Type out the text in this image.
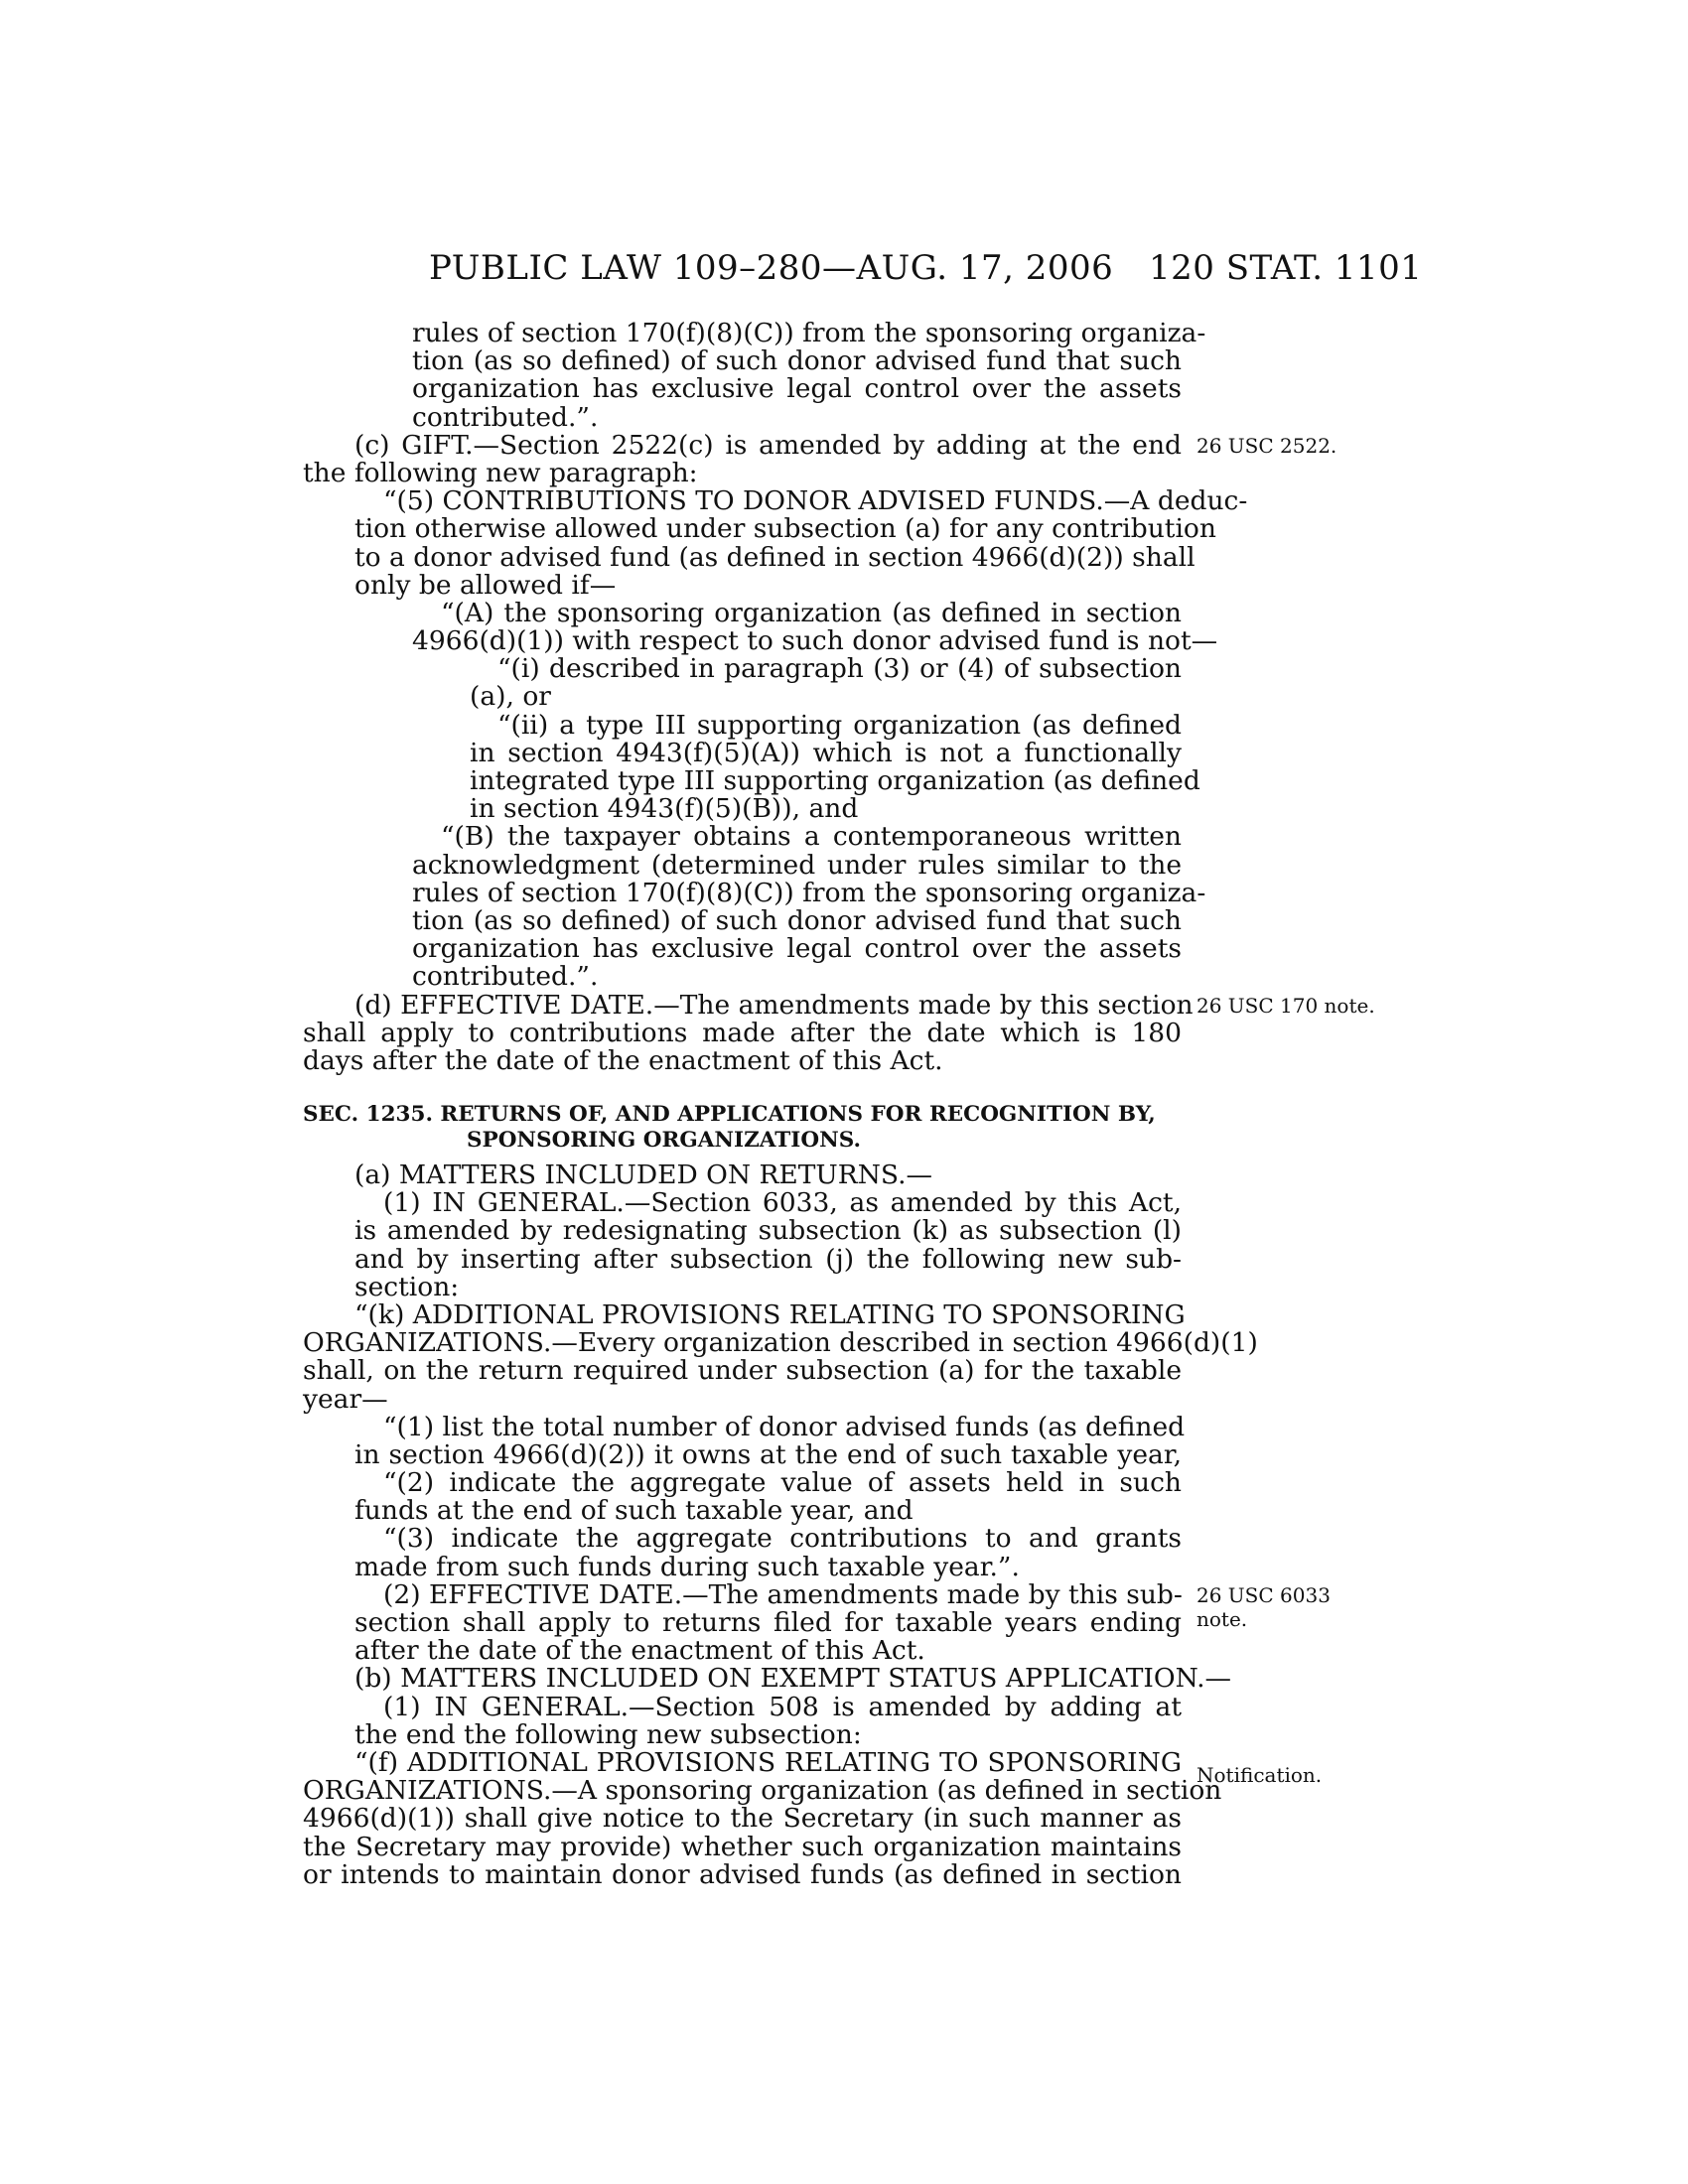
PUBLIC LAW 109–280—AUG. 17, 2006 120 STAT. 1101
26 USC 2522.
26 USC 170 note.
26 USC 6033
note.
Notification.
rules of section 170(f)(8)(C)) from the sponsoring organiza-
tion (as so defined) of such donor advised fund that such
organization has exclusive legal control over the assets
contributed.”.
(c) GIFT.—Section 2522(c) is amended by adding at the end
the following new paragraph:
“(5) CONTRIBUTIONS TO DONOR ADVISED FUNDS.—A deduc-
tion otherwise allowed under subsection (a) for any contribution
to a donor advised fund (as defined in section 4966(d)(2)) shall
only be allowed if—
“(A) the sponsoring organization (as defined in section
4966(d)(1)) with respect to such donor advised fund is not—
“(i) described in paragraph (3) or (4) of subsection
(a), or
“(ii) a type III supporting organization (as defined
in section 4943(f)(5)(A)) which is not a functionally
integrated type III supporting organization (as defined
in section 4943(f)(5)(B)), and
“(B) the taxpayer obtains a contemporaneous written
acknowledgment (determined under rules similar to the
rules of section 170(f)(8)(C)) from the sponsoring organiza-
tion (as so defined) of such donor advised fund that such
organization has exclusive legal control over the assets
contributed.”.
(d) EFFECTIVE DATE.—The amendments made by this section
shall apply to contributions made after the date which is 180
days after the date of the enactment of this Act.
SEC. 1235. RETURNS OF, AND APPLICATIONS FOR RECOGNITION BY,
SPONSORING ORGANIZATIONS.
(a) MATTERS INCLUDED ON RETURNS.—
(1) IN GENERAL.—Section 6033, as amended by this Act,
is amended by redesignating subsection (k) as subsection (l)
and by inserting after subsection (j) the following new sub-
section:
“(k) ADDITIONAL PROVISIONS RELATING TO SPONSORING
ORGANIZATIONS.—Every organization described in section 4966(d)(1)
shall, on the return required under subsection (a) for the taxable
year—
“(1) list the total number of donor advised funds (as defined
in section 4966(d)(2)) it owns at the end of such taxable year,
“(2) indicate the aggregate value of assets held in such
funds at the end of such taxable year, and
“(3) indicate the aggregate contributions to and grants
made from such funds during such taxable year.”.
(2) EFFECTIVE DATE.—The amendments made by this sub-
section shall apply to returns filed for taxable years ending
after the date of the enactment of this Act.
(b) MATTERS INCLUDED ON EXEMPT STATUS APPLICATION.—
(1) IN GENERAL.—Section 508 is amended by adding at
the end the following new subsection:
“(f) ADDITIONAL PROVISIONS RELATING TO SPONSORING
ORGANIZATIONS.—A sponsoring organization (as defined in section
4966(d)(1)) shall give notice to the Secretary (in such manner as
the Secretary may provide) whether such organization maintains
or intends to maintain donor advised funds (as defined in section
